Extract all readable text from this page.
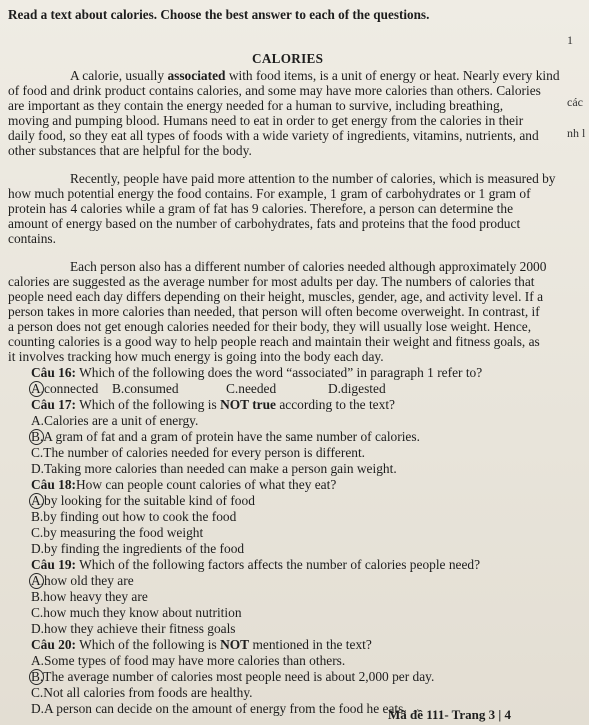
Read a text about calories. Choose the best answer to each of the questions.
1
các
nh l
CALORIES
A calorie, usually associated with food items, is a unit of energy or heat. Nearly every kind
of food and drink product contains calories, and some may have more calories than others. Calories
are important as they contain the energy needed for a human to survive, including breathing,
moving and pumping blood. Humans need to eat in order to get energy from the calories in their
daily food, so they eat all types of foods with a wide variety of ingredients, vitamins, nutrients, and
other substances that are helpful for the body.
Recently, people have paid more attention to the number of calories, which is measured by
how much potential energy the food contains. For example, 1 gram of carbohydrates or 1 gram of
protein has 4 calories while a gram of fat has 9 calories. Therefore, a person can determine the
amount of energy based on the number of carbohydrates, fats and proteins that the food product
contains.
Each person also has a different number of calories needed although approximately 2000
calories are suggested as the average number for most adults per day. The numbers of calories that
people need each day differs depending on their height, muscles, gender, age, and activity level. If a
person takes in more calories than needed, that person will often become overweight. In contrast, if
a person does not get enough calories needed for their body, they will usually lose weight. Hence,
counting calories is a good way to help people reach and maintain their weight and fitness goals, as
it involves tracking how much energy is going into the body each day.
Câu 16: Which of the following does the word “associated” in paragraph 1 refer to?
A.connected B.consumed	C.needed	D.digested
Câu 17: Which of the following is NOT true according to the text?
A.Calories are a unit of energy.
B.A gram of fat and a gram of protein have the same number of calories.
C.The number of calories needed for every person is different.
D.Taking more calories than needed can make a person gain weight.
Câu 18:How can people count calories of what they eat?
A.by looking for the suitable kind of food
B.by finding out how to cook the food
C.by measuring the food weight
D.by finding the ingredients of the food
Câu 19: Which of the following factors affects the number of calories people need?
A.how old they are
B.how heavy they are
C.how much they know about nutrition
D.how they achieve their fitness goals
Mã đề 111- Trang 3 | 4
Câu 20: Which of the following is NOT mentioned in the text?
A.Some types of food may have more calories than others.
B.The average number of calories most people need is about 2,000 per day.
C.Not all calories from foods are healthy.
D.A person can decide on the amount of energy from the food he eats.
